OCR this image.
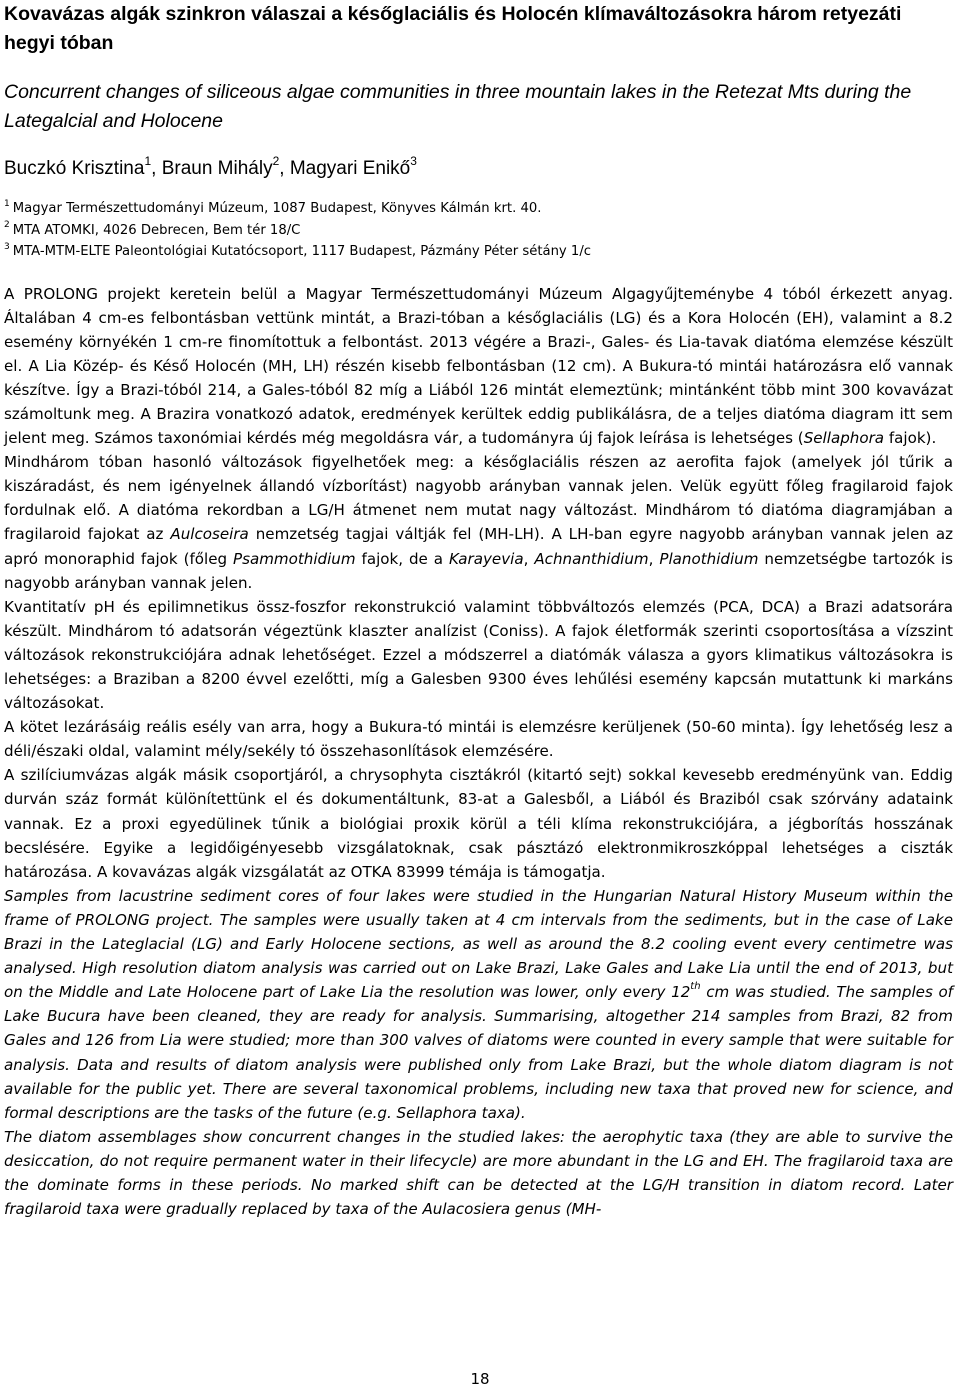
Kovavázas algák szinkron válaszai a későglaciális és Holocén klímaváltozásokra három retyezáti hegyi tóban

Concurrent changes of siliceous algae communities in three mountain lakes in the Retezat Mts during the Lategalcial and Holocene

Buczkó Krisztina$^1$, Braun Mihály$^2$, Magyari Enikő$^3$

$^1$ Magyar Természettudományi Múzeum, 1087 Budapest, Könyves Kálmán krt. 40.
$^2$ MTA ATOMKI, 4026 Debrecen, Bem tér 18/C
$^3$ MTA-MTM-ELTE Paleontológiai Kutatócsoport, 1117 Budapest, Pázmány Péter sétány 1/c

A PROLONG projekt keretein belül a Magyar Természettudományi Múzeum Algagyűjteménybe 4 tóból érkezett anyag. Általában 4 cm-es felbontásban vettünk mintát, a Brazi-tóban a későglaciális (LG) és a Kora Holocén (EH), valamint a 8.2 esemény környékén 1 cm-re finomítottuk a felbontást. 2013 végére a Brazi-, Gales- és Lia-tavak diatóma elemzése készült el. A Lia Közép- és Késő Holocén (MH, LH) részén kisebb felbontásban (12 cm). A Bukura-tó mintái határozásra elő vannak készítve. Így a Brazi-tóból 214, a Gales-tóból 82 míg a Liából 126 mintát elemeztünk; mintánként több mint 300 kovavázat számoltunk meg. A Brazira vonatkozó adatok, eredmények kerültek eddig publikálásra, de a teljes diatóma diagram itt sem jelent meg. Számos taxonómiai kérdés még megoldásra vár, a tudományra új fajok leírása is lehetséges (Sellaphora fajok).

Mindhárom tóban hasonló változások figyelhetőek meg: a későglaciális részen az aerofita fajok (amelyek jól tűrik a kiszáradást, és nem igényelnek állandó vízborítást) nagyobb arányban vannak jelen. Velük együtt főleg fragilaroid fajok fordulnak elő. A diatóma rekordban a LG/H átmenet nem mutat nagy változást. Mindhárom tó diatóma diagramjában a fragilaroid fajokat az Aulcoseira nemzetség tagjai váltják fel (MH-LH). A LH-ban egyre nagyobb arányban vannak jelen az apró monoraphid fajok (főleg Psammothidium fajok, de a Karayevia, Achnanthidium, Planothidium nemzetségbe tartozók is nagyobb arányban vannak jelen.

Kvantitatív pH és epilimnetikus össz-foszfor rekonstrukció valamint többváltozós elemzés (PCA, DCA) a Brazi adatsorára készült. Mindhárom tó adatsorán végeztünk klaszter analízist (Coniss). A fajok életformák szerinti csoportosítása a vízszint változások rekonstrukciójára adnak lehetőséget. Ezzel a módszerrel a diatómák válasza a gyors klimatikus változásokra is lehetséges: a Braziban a 8200 évvel ezelőtti, míg a Galesben 9300 éves lehűlési esemény kapcsán mutattunk ki markáns változásokat.

A kötet lezárásáig reális esély van arra, hogy a Bukura-tó mintái is elemzésre kerüljenek (50-60 minta). Így lehetőség lesz a déli/északi oldal, valamint mély/sekély tó összehasonlítások elemzésére.

A szilíciumvázas algák másik csoportjáról, a chrysophyta cisztákról (kitartó sejt) sokkal kevesebb eredményünk van. Eddig durván száz formát különítettünk el és dokumentáltunk, 83-at a Galesből, a Liából és Braziból csak szórvány adataink vannak. Ez a proxi egyedülinek tűnik a biológiai proxik körül a téli klíma rekonstrukciójára, a jégborítás hosszának becslésére. Egyike a legidőigényesebb vizsgálatoknak, csak pásztázó elektronmikroszkóppal lehetséges a ciszták határozása. A kovavázas algák vizsgálatát az OTKA 83999 témája is támogatja.

Samples from lacustrine sediment cores of four lakes were studied in the Hungarian Natural History Museum within the frame of PROLONG project. The samples were usually taken at 4 cm intervals from the sediments, but in the case of Lake Brazi in the Lateglacial (LG) and Early Holocene sections, as well as around the 8.2 cooling event every centimetre was analysed. High resolution diatom analysis was carried out on Lake Brazi, Lake Gales and Lake Lia until the end of 2013, but on the Middle and Late Holocene part of Lake Lia the resolution was lower, only every 12th cm was studied. The samples of Lake Bucura have been cleaned, they are ready for analysis. Summarising, altogether 214 samples from Brazi, 82 from Gales and 126 from Lia were studied; more than 300 valves of diatoms were counted in every sample that were suitable for analysis. Data and results of diatom analysis were published only from Lake Brazi, but the whole diatom diagram is not available for the public yet. There are several taxonomical problems, including new taxa that proved new for science, and formal descriptions are the tasks of the future (e.g. Sellaphora taxa).

The diatom assemblages show concurrent changes in the studied lakes: the aerophytic taxa (they are able to survive the desiccation, do not require permanent water in their lifecycle) are more abundant in the LG and EH. The fragilaroid taxa are the dominate forms in these periods. No marked shift can be detected at the LG/H transition in diatom record. Later fragilaroid taxa were gradually replaced by taxa of the Aulacosiera genus (MH-

18
